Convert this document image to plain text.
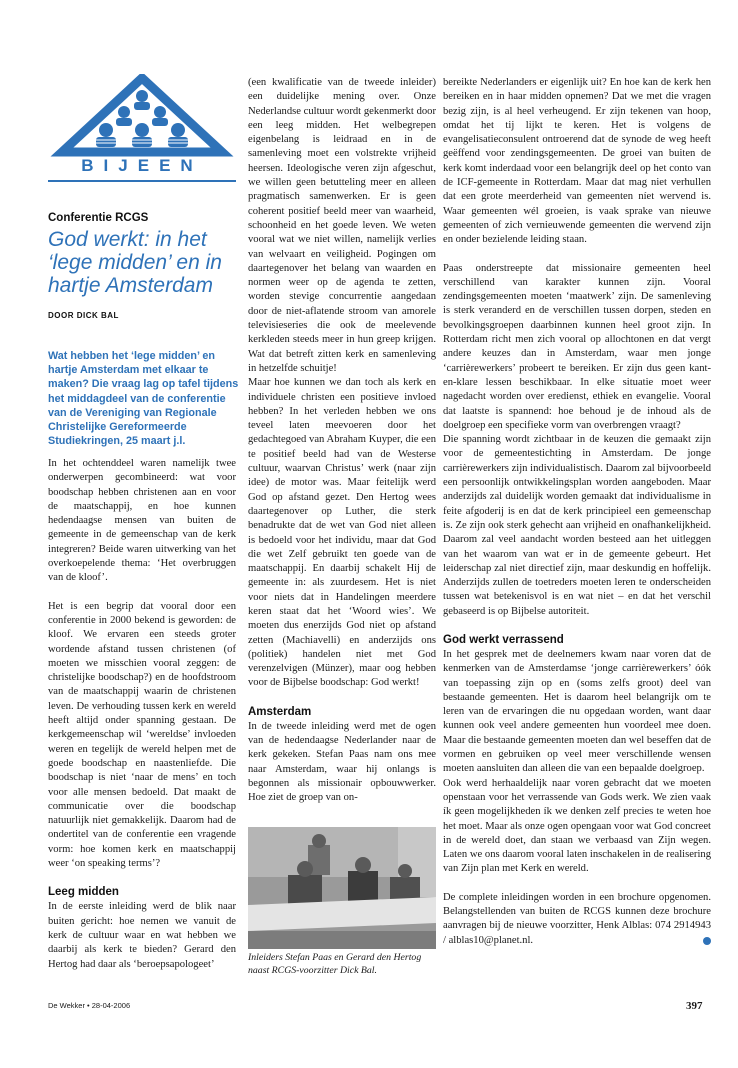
BIJEEN
Conferentie RCGS
God werkt: in het ‘lege midden’ en in hartje Amsterdam
DOOR DICK BAL
Wat hebben het ‘lege midden’ en hartje Amsterdam met elkaar te maken? Die vraag lag op tafel tijdens het middagdeel van de conferentie van de Vereniging van Regionale Christelijke Gereformeerde Studiekringen, 25 maart j.l.

In het ochtenddeel waren namelijk twee onderwerpen gecombineerd: wat voor boodschap hebben christenen aan en voor de maatschappij, en hoe kunnen hedendaagse mensen van buiten de gemeente in de gemeenschap van de kerk integreren? Beide waren uitwerking van het overkoepelende thema: ‘Het overbruggen van de kloof’.

Het is een begrip dat vooral door een conferentie in 2000 bekend is geworden: de kloof. We ervaren een steeds groter wordende afstand tussen christenen (of moeten we misschien vooral zeggen: de christelijke boodschap?) en de hoofdstroom van de maatschappij waarin de christenen leven. De verhouding tussen kerk en wereld heeft altijd onder spanning gestaan. De kerkgemeenschap wil ‘wereldse’ invloeden weren en tegelijk de wereld helpen met de goede boodschap en naastenliefde. Die boodschap is niet ‘naar de mens’ en toch voor alle mensen bedoeld. Dat maakt de communicatie over die boodschap natuurlijk niet gemakkelijk. Daarom had de ondertitel van de conferentie een vragende vorm: hoe komen kerk en maatschappij weer ‘on speaking terms’?

Leeg midden

In de eerste inleiding werd de blik naar buiten gericht: hoe nemen we vanuit de kerk de cultuur waar en wat hebben we daarbij als kerk te bieden? Gerard den Hertog had daar als ‘beroepsapologeet’

(een kwalificatie van de tweede inleider) een duidelijke mening over. Onze Nederlandse cultuur wordt gekenmerkt door een leeg midden. Het welbegrepen eigenbelang is leidraad en in de samenleving moet een volstrekte vrijheid heersen. Ideologische veren zijn afgeschut, we willen geen betutteling meer en alleen pragmatisch samenwerken. Er is geen coherent positief beeld meer van waarheid, schoonheid en het goede leven. We weten vooral wat we niet willen, namelijk verlies van welvaart en veiligheid. Pogingen om daartegenover het belang van waarden en normen weer op de agenda te zetten, worden stevige concurrentie aangedaan door de niet-aflatende stroom van amorele televisieseries die ook de meelevende kerkleden steeds meer in hun greep krijgen. Wat dat betreft zitten kerk en samenleving in hetzelfde schuitje!

Maar hoe kunnen we dan toch als kerk en individuele christen een positieve invloed hebben? In het verleden hebben we ons teveel laten meevoeren door het gedachtegoed van Abraham Kuyper, die een te positief beeld had van de Westerse cultuur, waarvan Christus’ werk (naar zijn idee) de motor was. Maar feitelijk werd God op afstand gezet. Den Hertog wees daartegenover op Luther, die sterk benadrukte dat de wet van God niet alleen is bedoeld voor het individu, maar dat God die wet Zelf gebruikt ten goede van de maatschappij. En daarbij schakelt Hij de gemeente in: als zuurdesem. Het is niet voor niets dat in Handelingen meerdere keren staat dat het ‘Woord wies’. We moeten dus enerzijds God niet op afstand zetten (Machiavelli) en anderzijds ons (politiek) handelen niet met God verenzelvigen (Münzer), maar oog hebben voor de Bijbelse boodschap: God werkt!

Amsterdam

In de tweede inleiding werd met de ogen van de hedendaagse Nederlander naar de kerk gekeken. Stefan Paas nam ons mee naar Amsterdam, waar hij onlangs is begonnen als missionair opbouwwerker. Hoe ziet de groep van on-

Inleiders Stefan Paas en Gerard den Hertog naast RCGS-voorzitter Dick Bal.

bereikte Nederlanders er eigenlijk uit? En hoe kan de kerk hen bereiken en in haar midden opnemen? Dat we met die vragen bezig zijn, is al heel verheugend. Er zijn tekenen van hoop, omdat het tij lijkt te keren. Het is volgens de evangelisatieconsulent ontroerend dat de synode de weg heeft geëffend voor zendingsgemeenten. De groei van buiten de kerk komt inderdaad voor een belangrijk deel op het conto van de ICF-gemeente in Rotterdam. Maar dat mag niet verhullen dat een grote meerderheid van gemeenten níet wervend is. Waar gemeenten wél groeien, is vaak sprake van nieuwe gemeenten of zich vernieuwende gemeenten die wervend zijn en onder bezielende leiding staan.

Paas onderstreepte dat missionaire gemeenten heel verschillend van karakter kunnen zijn. Vooral zendingsgemeenten moeten ‘maatwerk’ zijn. De samenleving is sterk veranderd en de verschillen tussen dorpen, steden en bevolkingsgroepen daarbinnen kunnen heel groot zijn. In Rotterdam richt men zich vooral op allochtonen en dat vergt andere keuzes dan in Amsterdam, waar men jonge ‘carrièrewerkers’ probeert te bereiken. Er zijn dus geen kant-en-klare lessen beschikbaar. In elke situatie moet weer nagedacht worden over eredienst, ethiek en evangelie. Vooral dat laatste is spannend: hoe behoud je de inhoud als de doelgroep een specifieke vorm van overbrengen vraagt?

Die spanning wordt zichtbaar in de keuzen die gemaakt zijn voor de gemeentestichting in Amsterdam. De jonge carrièrewerkers zijn individualistisch. Daarom zal bijvoorbeeld een persoonlijk ontwikkelingsplan worden aangeboden. Maar anderzijds zal duidelijk worden gemaakt dat individualisme in feite afgoderij is en dat de kerk principieel een gemeenschap is. Ze zijn ook sterk gehecht aan vrijheid en onafhankelijkheid. Daarom zal veel aandacht worden besteed aan het uitleggen van het waarom van wat er in de gemeente gebeurt. Het leiderschap zal niet directief zijn, maar deskundig en hoffelijk. Anderzijds zullen de toetreders moeten leren te onderscheiden tussen wat betekenisvol is en wat niet – en dat het verschil gebaseerd is op Bijbelse autoriteit.

God werkt verrassend

In het gesprek met de deelnemers kwam naar voren dat de kenmerken van de Amsterdamse ‘jonge carrièrewerkers’ óók van toepassing zijn op en (soms zelfs groot) deel van bestaande gemeenten. Het is daarom heel belangrijk om te leren van de ervaringen die nu opgedaan worden, want daar kunnen ook veel andere gemeenten hun voordeel mee doen. Maar die bestaande gemeenten moeten dan wel beseffen dat de vormen en gebruiken op veel meer verschillende wensen moeten aansluiten dan alleen die van een bepaalde doelgroep.

Ook werd herhaaldelijk naar voren gebracht dat we moeten openstaan voor het verrassende van Gods werk. We zien vaak ík geen mogelijkheden ík we denken zelf precies te weten hoe het moet. Maar als onze ogen opengaan voor wat God concreet in de wereld doet, dan staan we verbaasd van Zijn wegen. Laten we ons daarom vooral laten inschakelen in de realisering van Zijn plan met Kerk en wereld.

De complete inleidingen worden in een brochure opgenomen. Belangstellenden van buiten de RCGS kunnen deze brochure aanvragen bij de nieuwe voorzitter, Henk Alblas: 074 2914943 / alblas10@planet.nl.

De Wekker • 28-04-2006	397
